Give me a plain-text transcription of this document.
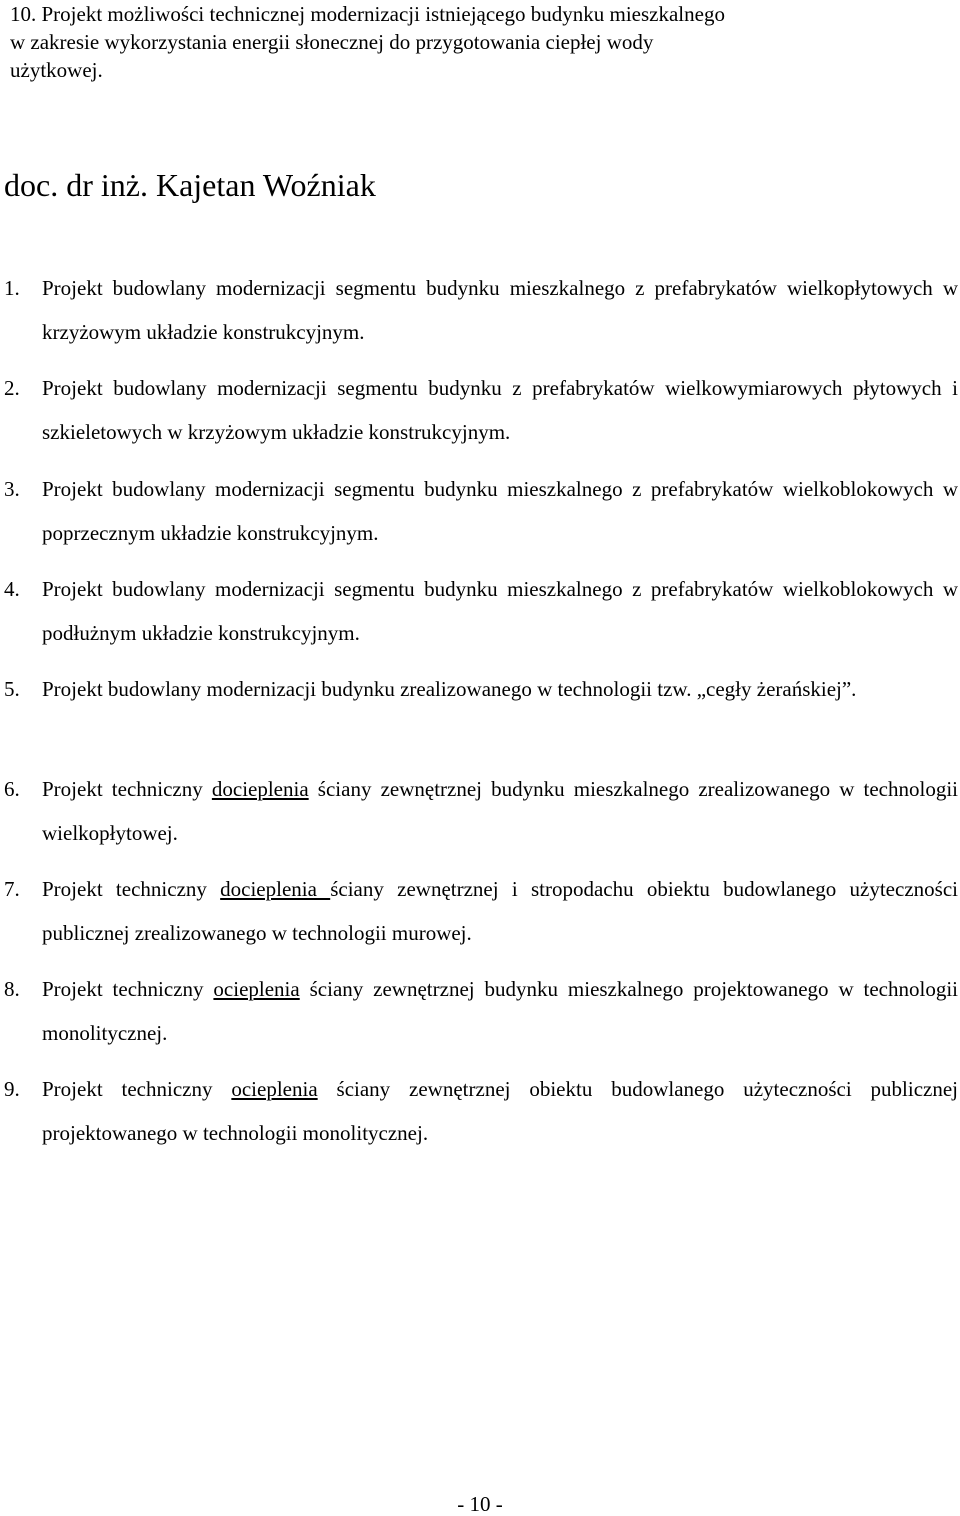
10. Projekt możliwości technicznej modernizacji istniejącego budynku mieszkalnego
w zakresie wykorzystania energii słonecznej do przygotowania ciepłej wody
użytkowej.
doc. dr inż. Kajetan Woźniak
1.	Projekt budowlany modernizacji segmentu budynku mieszkalnego z prefabrykatów wielkopłytowych w krzyżowym układzie konstrukcyjnym.
2.	Projekt budowlany modernizacji segmentu budynku z prefabrykatów wielkowymiarowych płytowych i szkieletowych w krzyżowym układzie konstrukcyjnym.
3.	Projekt budowlany modernizacji segmentu budynku mieszkalnego z prefabrykatów wielkoblokowych w poprzecznym układzie konstrukcyjnym.
4.	Projekt budowlany modernizacji segmentu budynku mieszkalnego z prefabrykatów wielkoblokowych w podłużnym układzie konstrukcyjnym.
5.	Projekt budowlany modernizacji budynku zrealizowanego w technologii tzw. „cegły żerańskiej”.
6.	Projekt techniczny docieplenia ściany zewnętrznej budynku mieszkalnego zrealizowanego w technologii wielkopłytowej.
7.	Projekt techniczny docieplenia ściany zewnętrznej i stropodachu obiektu budowlanego użyteczności publicznej zrealizowanego w technologii murowej.
8.	Projekt techniczny ocieplenia ściany zewnętrznej budynku mieszkalnego projektowanego w technologii monolitycznej.
9.	Projekt techniczny ocieplenia ściany zewnętrznej obiektu budowlanego użyteczności publicznej projektowanego w technologii monolitycznej.
- 10 -
